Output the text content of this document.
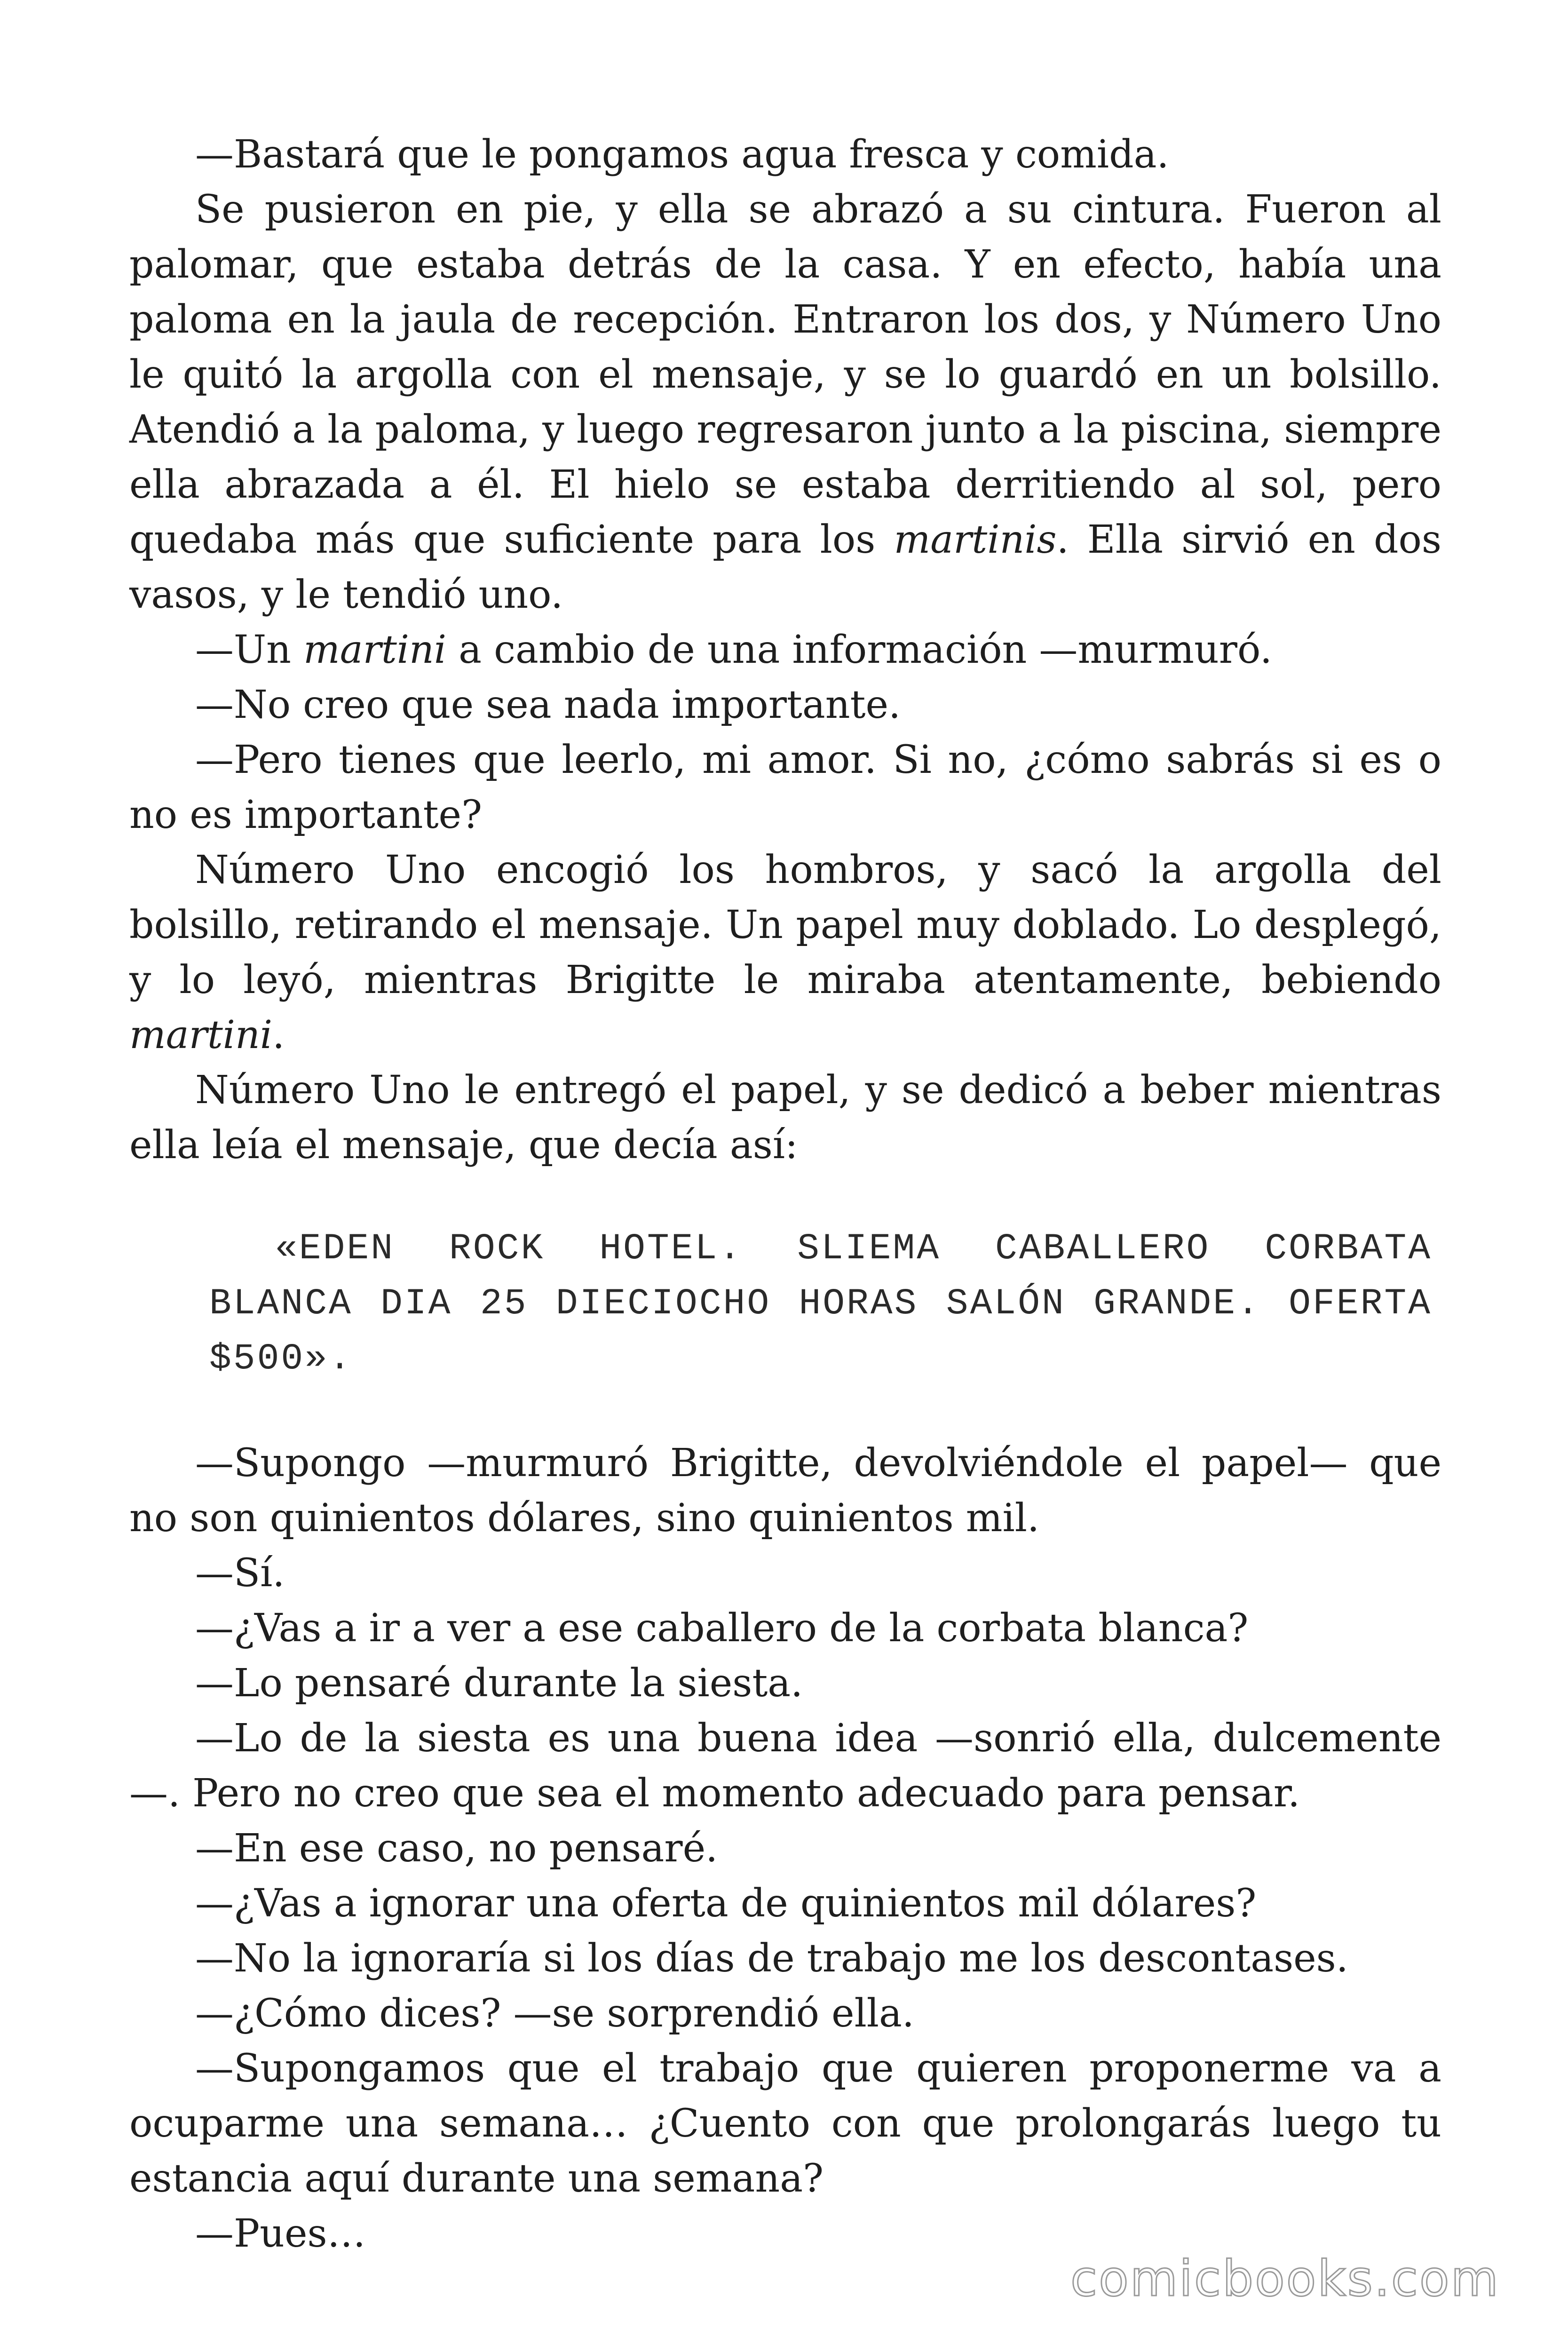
—Bastará que le pongamos agua fresca y comida.

Se pusieron en pie, y ella se abrazó a su cintura. Fueron al palomar, que estaba detrás de la casa. Y en efecto, había una paloma en la jaula de recepción. Entraron los dos, y Número Uno le quitó la argolla con el mensaje, y se lo guardó en un bolsillo. Atendió a la paloma, y luego regresaron junto a la piscina, siempre ella abrazada a él. El hielo se estaba derritiendo al sol, pero quedaba más que suficiente para los martinis. Ella sirvió en dos vasos, y le tendió uno.

—Un martini a cambio de una información —murmuró.

—No creo que sea nada importante.

—Pero tienes que leerlo, mi amor. Si no, ¿cómo sabrás si es o no es importante?

Número Uno encogió los hombros, y sacó la argolla del bolsillo, retirando el mensaje. Un papel muy doblado. Lo desplegó, y lo leyó, mientras Brigitte le miraba atentamente, bebiendo martini.

Número Uno le entregó el papel, y se dedicó a beber mientras ella leía el mensaje, que decía así:

«EDEN ROCK HOTEL. SLIEMA CABALLERO CORBATA BLANCA DIA 25 DIECIOCHO HORAS SALÓN GRANDE. OFERTA $500».

—Supongo —murmuró Brigitte, devolviéndole el papel— que no son quinientos dólares, sino quinientos mil.

—Sí.

—¿Vas a ir a ver a ese caballero de la corbata blanca?

—Lo pensaré durante la siesta.

—Lo de la siesta es una buena idea —sonrió ella, dulcemente—. Pero no creo que sea el momento adecuado para pensar.

—En ese caso, no pensaré.

—¿Vas a ignorar una oferta de quinientos mil dólares?

—No la ignoraría si los días de trabajo me los descontases.

—¿Cómo dices? —se sorprendió ella.

—Supongamos que el trabajo que quieren proponerme va a ocuparme una semana… ¿Cuento con que prolongarás luego tu estancia aquí durante una semana?

—Pues…

comicbooks.com
